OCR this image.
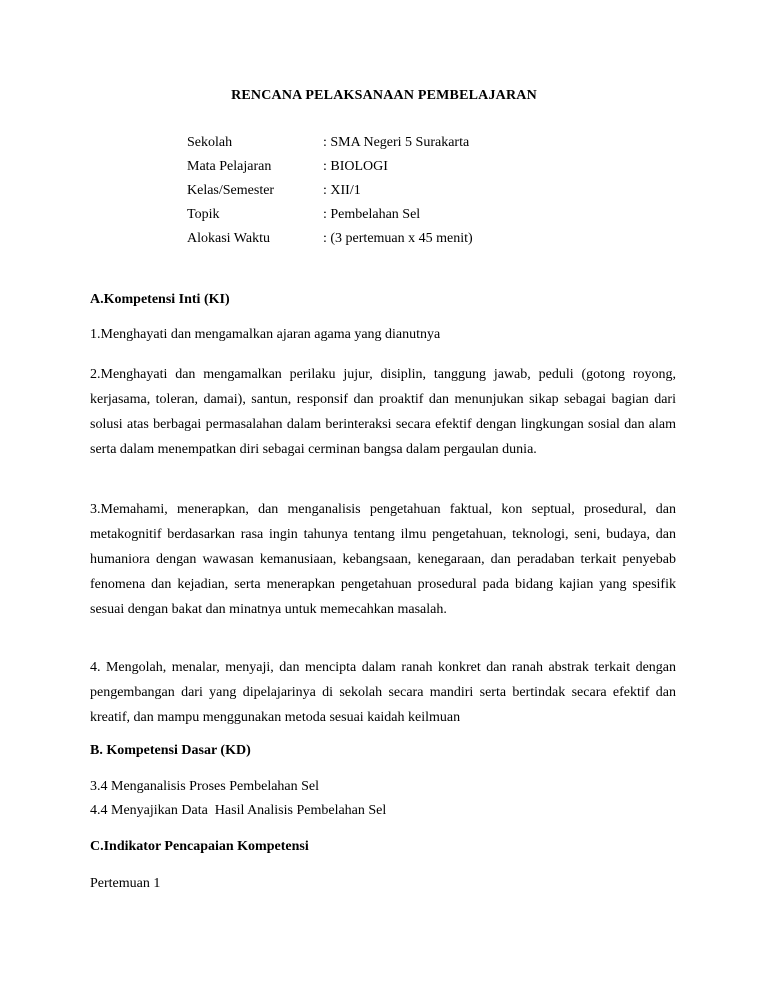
RENCANA PELAKSANAAN PEMBELAJARAN
Sekolah	: SMA Negeri 5 Surakarta
Mata Pelajaran	: BIOLOGI
Kelas/Semester	: XII/1
Topik	: Pembelahan Sel
Alokasi Waktu	: (3 pertemuan x 45 menit)
A.Kompetensi Inti (KI)
1.Menghayati dan mengamalkan ajaran agama yang dianutnya
2.Menghayati dan mengamalkan perilaku jujur, disiplin, tanggung jawab, peduli (gotong royong, kerjasama, toleran, damai), santun, responsif dan proaktif dan menunjukan sikap sebagai bagian dari solusi atas berbagai permasalahan dalam berinteraksi secara efektif dengan lingkungan sosial dan alam serta dalam menempatkan diri sebagai cerminan bangsa dalam pergaulan dunia.
3.Memahami, menerapkan, dan menganalisis pengetahuan faktual, kon septual, prosedural, dan metakognitif berdasarkan rasa ingin tahunya tentang ilmu pengetahuan, teknologi, seni, budaya, dan humaniora dengan wawasan kemanusiaan, kebangsaan, kenegaraan, dan peradaban terkait penyebab fenomena dan kejadian, serta menerapkan pengetahuan prosedural pada bidang kajian yang spesifik sesuai dengan bakat dan minatnya untuk memecahkan masalah.
4. Mengolah, menalar, menyaji, dan mencipta dalam ranah konkret dan ranah abstrak terkait dengan pengembangan dari yang dipelajarinya di sekolah secara mandiri serta bertindak secara efektif dan kreatif, dan mampu menggunakan metoda sesuai kaidah keilmuan
B. Kompetensi Dasar (KD)
3.4 Menganalisis Proses Pembelahan Sel
4.4 Menyajikan Data  Hasil Analisis Pembelahan Sel
C.Indikator Pencapaian Kompetensi
Pertemuan 1
